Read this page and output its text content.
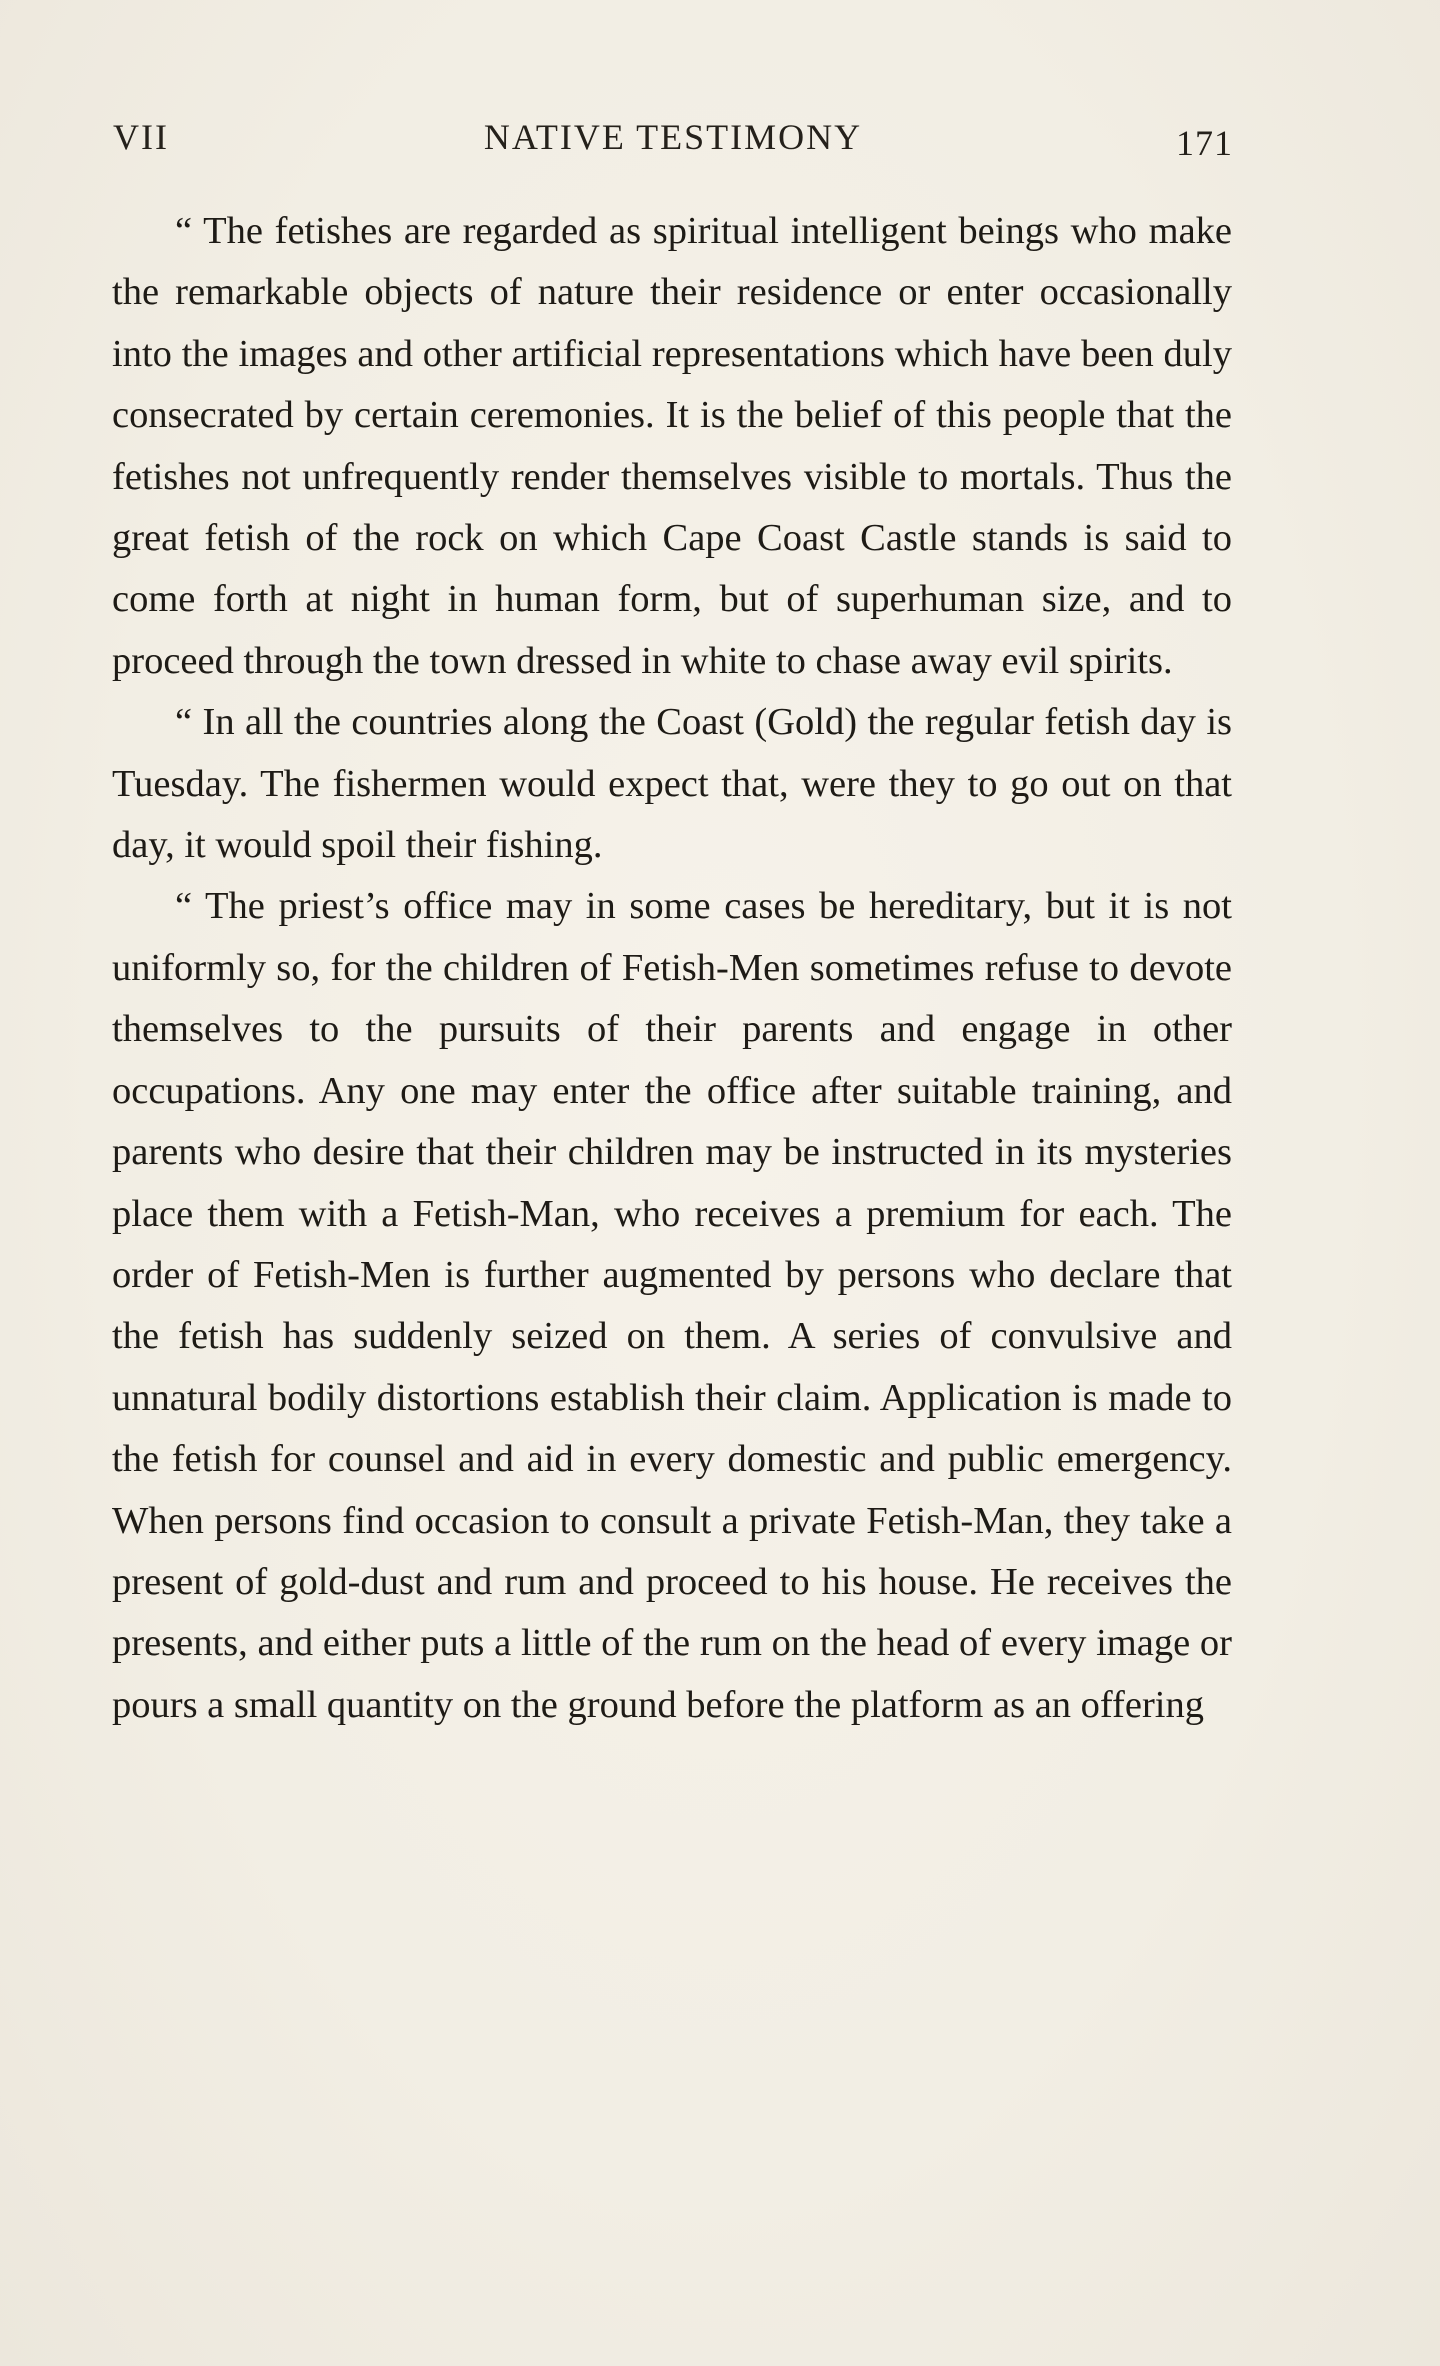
VII	NATIVE TESTIMONY	171

“ The fetishes are regarded as spiritual intelligent beings who make the remarkable objects of nature their residence or enter occasionally into the images and other artificial representations which have been duly consecrated by certain ceremonies. It is the belief of this people that the fetishes not unfrequently render themselves visible to mortals. Thus the great fetish of the rock on which Cape Coast Castle stands is said to come forth at night in human form, but of superhuman size, and to proceed through the town dressed in white to chase away evil spirits.

“ In all the countries along the Coast (Gold) the regular fetish day is Tuesday. The fishermen would expect that, were they to go out on that day, it would spoil their fishing.

“ The priest’s office may in some cases be hereditary, but it is not uniformly so, for the children of Fetish-Men sometimes refuse to devote themselves to the pursuits of their parents and engage in other occupations. Any one may enter the office after suitable training, and parents who desire that their children may be instructed in its mysteries place them with a Fetish-Man, who receives a premium for each. The order of Fetish-Men is further augmented by persons who declare that the fetish has suddenly seized on them. A series of convulsive and unnatural bodily distortions establish their claim. Application is made to the fetish for counsel and aid in every domestic and public emergency. When persons find occasion to consult a private Fetish-Man, they take a present of gold-dust and rum and proceed to his house. He receives the presents, and either puts a little of the rum on the head of every image or pours a small quantity on the ground before the platform as an offering
